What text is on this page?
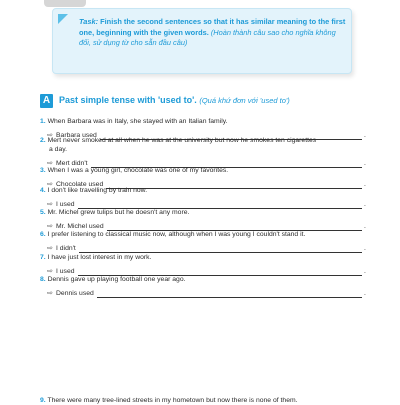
Task: Finish the second sentences so that it has similar meaning to the first one, beginning with the given words. (Hoàn thành câu sao cho nghĩa không đổi, sử dụng từ cho sẵn đầu câu)
A Past simple tense with 'used to'. (Quá khứ đơn với 'used to')
1. When Barbara was in Italy, she stayed with an Italian family.
⇨ Barbara used	.
2. Mert never smoked at all when he was at the university but now he smokes ten cigarettes
a day.
⇨ Mert didn't	.
3. When I was a young girl, chocolate was one of my favorites.
⇨ Chocolate used	.
4. I don't like travelling by train now.
⇨ I used	.
5. Mr. Michel grew tulips but he doesn't any more.
⇨ Mr. Michel used	.
6. I prefer listening to classical music now, although when I was young I couldn't stand it.
⇨ I didn't	.
7. I have just lost interest in my work.
⇨ I used	.
8. Dennis gave up playing football one year ago.
⇨ Dennis used	.
9. There were many tree-lined streets in my hometown but now there is none of them.
